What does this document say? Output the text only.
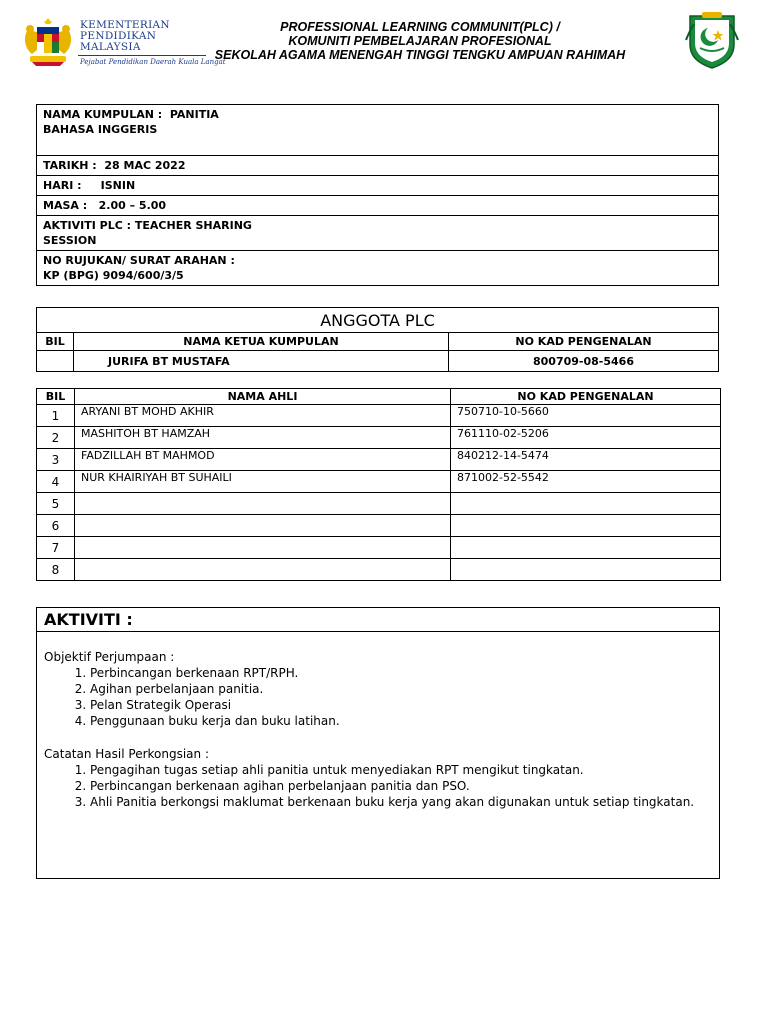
KEMENTERIAN
PENDIDIKAN
MALAYSIA
Pejabat Pendidikan Daerah Kuala Langat
PROFESSIONAL LEARNING COMMUNIT(PLC) /
KOMUNITI PEMBELAJARAN PROFESIONAL
SEKOLAH AGAMA MENENGAH TINGGI TENGKU AMPUAN RAHIMAH
NAMA KUMPULAN : PANITIA BAHASA INGGERIS
TARIKH : 28 MAC 2022
HARI : ISNIN
MASA : 2.00 – 5.00
AKTIVITI PLC : TEACHER SHARING SESSION
NO RUJUKAN/ SURAT ARAHAN :
KP (BPG) 9094/600/3/5
ANGGOTA PLC		
BIL	NAMA KETUA KUMPULAN	NO KAD PENGENALAN
	JURIFA BT MUSTAFA	800709-08-5466
BIL	NAMA AHLI	NO KAD PENGENALAN
1	ARYANI BT MOHD AKHIR	750710-10-5660
2	MASHITOH BT HAMZAH	761110-02-5206
3	FADZILLAH BT MAHMOD	840212-14-5474
4	NUR KHAIRIYAH BT SUHAILI	871002-52-5542
5		
6		
7		
8		
AKTIVITI :
Objektif Perjumpaan :
1. Perbincangan berkenaan RPT/RPH.
2. Agihan perbelanjaan panitia.
3. Pelan Strategik Operasi
4. Penggunaan buku kerja dan buku latihan.
Catatan Hasil Perkongsian :
1. Pengagihan tugas setiap ahli panitia untuk menyediakan RPT mengikut tingkatan.
2. Perbincangan berkenaan agihan perbelanjaan panitia dan PSO.
3. Ahli Panitia berkongsi maklumat berkenaan buku kerja yang akan digunakan untuk setiap tingkatan.
